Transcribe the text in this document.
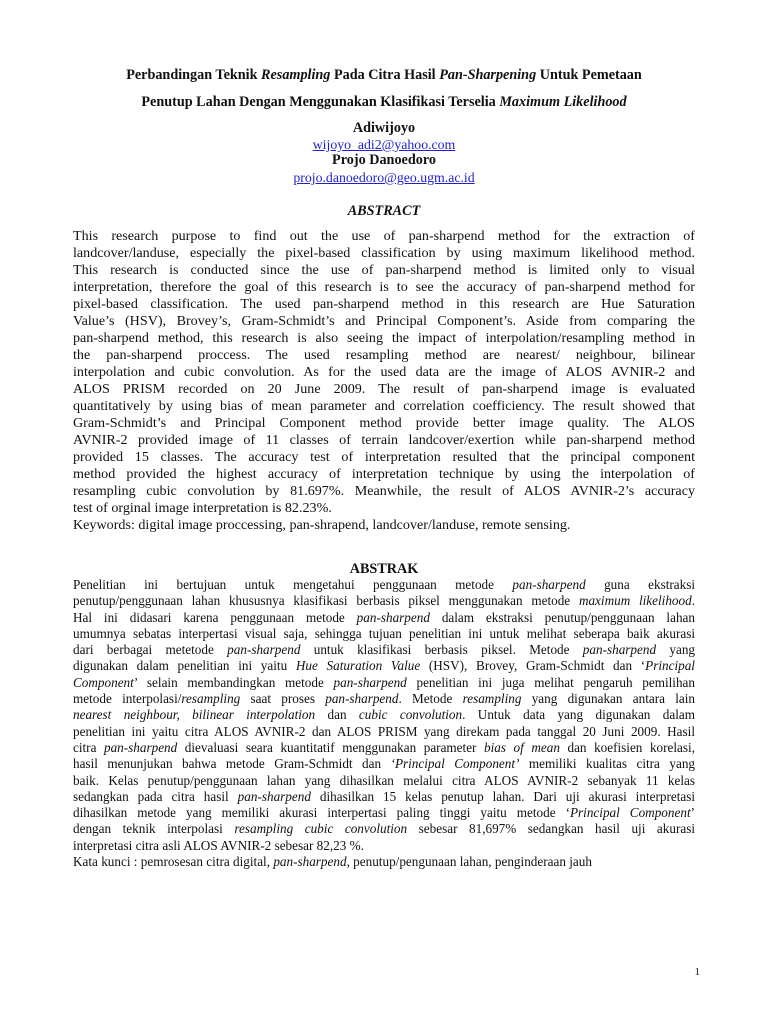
Perbandingan Teknik Resampling Pada Citra Hasil Pan-Sharpening Untuk Pemetaan
Penutup Lahan Dengan Menggunakan Klasifikasi Terselia Maximum Likelihood
Adiwijoyo
wijoyo_adi2@yahoo.com
Projo Danoedoro
projo.danoedoro@geo.ugm.ac.id
ABSTRACT
This research purpose to find out the use of pan-sharpend method for the extraction of
landcover/landuse, especially the pixel-based classification by using maximum likelihood method.
This research is conducted since the use of pan-sharpend method is limited only to visual
interpretation, therefore the goal of this research is to see the accuracy of pan-sharpend method for
pixel-based classification. The used pan-sharpend method in this research are Hue Saturation
Value’s (HSV), Brovey’s, Gram-Schmidt’s and Principal Component’s. Aside from comparing the
pan-sharpend method, this research is also seeing the impact of interpolation/resampling method in
the pan-sharpend proccess. The used resampling method are nearest/ neighbour, bilinear
interpolation and cubic convolution. As for the used data are the image of ALOS AVNIR-2 and
ALOS PRISM recorded on 20 June 2009. The result of pan-sharpend image is evaluated
quantitatively by using bias of mean parameter and correlation coefficiency. The result showed that
Gram-Schmidt’s and Principal Component method provide better image quality. The ALOS
AVNIR-2 provided image of 11 classes of terrain landcover/exertion while pan-sharpend method
provided 15 classes. The accuracy test of interpretation resulted that the principal component
method provided the highest accuracy of interpretation technique by using the interpolation of
resampling cubic convolution by 81.697%. Meanwhile, the result of ALOS AVNIR-2’s accuracy
test of orginal image interpretation is 82.23%.
Keywords: digital image proccessing, pan-shrapend, landcover/landuse, remote sensing.
ABSTRAK
Penelitian ini bertujuan untuk mengetahui penggunaan metode pan-sharpend guna ekstraksi
penutup/penggunaan lahan khususnya klasifikasi berbasis piksel menggunakan metode maximum likelihood.
Hal ini didasari karena penggunaan metode pan-sharpend dalam ekstraksi penutup/penggunaan lahan
umumnya sebatas interpertasi visual saja, sehingga tujuan penelitian ini untuk melihat seberapa baik akurasi
dari berbagai metetode pan-sharpend untuk klasifikasi berbasis piksel. Metode pan-sharpend yang
digunakan dalam penelitian ini yaitu Hue Saturation Value (HSV), Brovey, Gram-Schmidt dan ‘Principal
Component’ selain membandingkan metode pan-sharpend penelitian ini juga melihat pengaruh pemilihan
metode interpolasi/resampling saat proses pan-sharpend. Metode resampling yang digunakan antara lain
nearest neighbour, bilinear interpolation dan cubic convolution. Untuk data yang digunakan dalam
penelitian ini yaitu citra ALOS AVNIR-2 dan ALOS PRISM yang direkam pada tanggal 20 Juni 2009. Hasil
citra pan-sharpend dievaluasi seara kuantitatif menggunakan parameter bias of mean dan koefisien korelasi,
hasil menunjukan bahwa metode Gram-Schmidt dan ‘Principal Component’ memiliki kualitas citra yang
baik. Kelas penutup/penggunaan lahan yang dihasilkan melalui citra ALOS AVNIR-2 sebanyak 11 kelas
sedangkan pada citra hasil pan-sharpend dihasilkan 15 kelas penutup lahan. Dari uji akurasi interpretasi
dihasilkan metode yang memiliki akurasi interpertasi paling tinggi yaitu metode ‘Principal Component’
dengan teknik interpolasi resampling cubic convolution sebesar 81,697% sedangkan hasil uji akurasi
interpretasi citra asli ALOS AVNIR-2 sebesar 82,23 %.
Kata kunci : pemrosesan citra digital, pan-sharpend, penutup/pengunaan lahan, penginderaan jauh
1
